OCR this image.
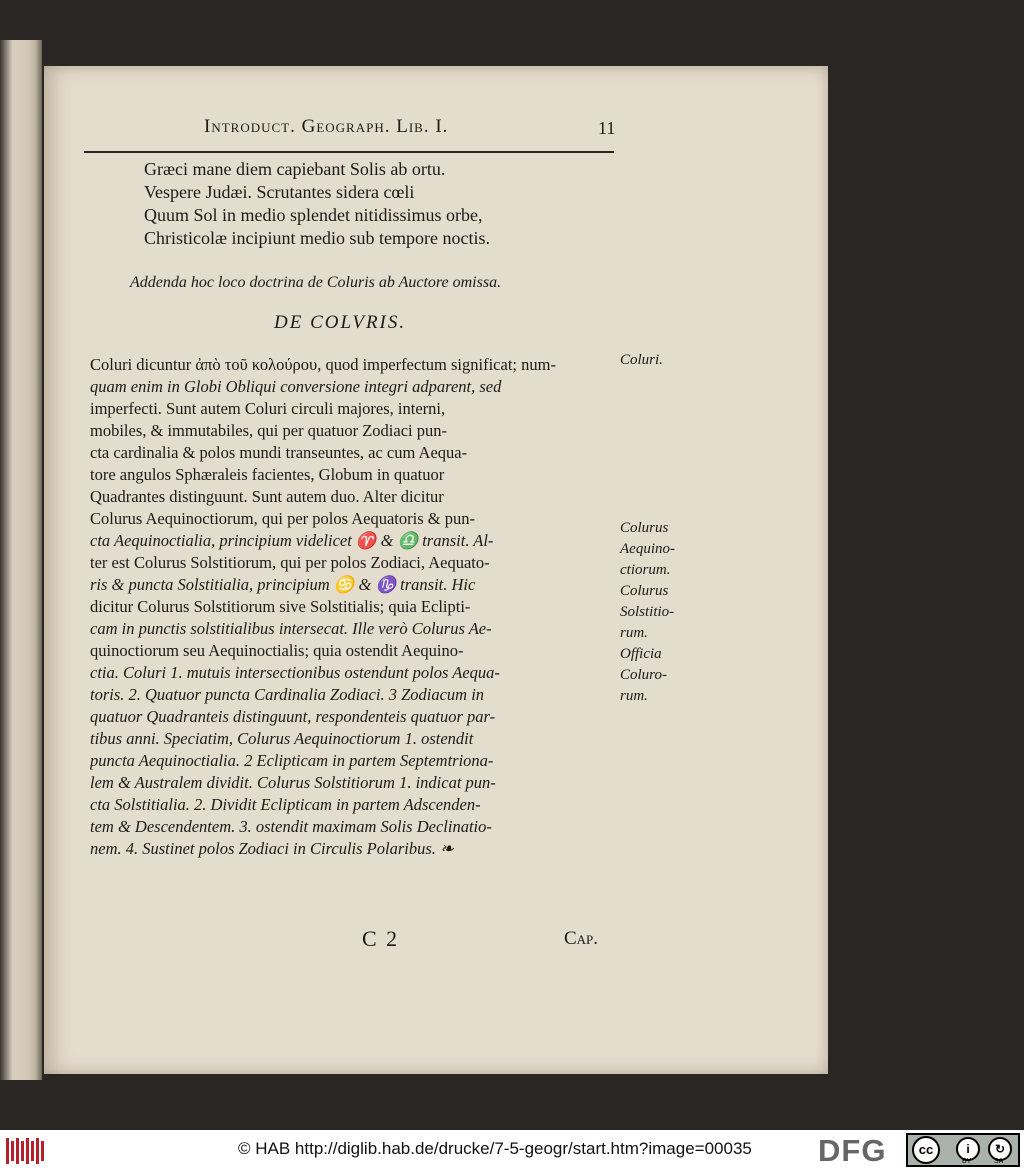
Introduct. Geograph. Lib. I.	11
Græci mane diem capiebant Solis ab ortu.
Vespere Judæi. Scrutantes sidera cœli
Quum Sol in medio splendet nitidissimus orbe,
Christicolæ incipiunt medio sub tempore noctis.
Addenda hoc loco doctrina de Coluris ab Auctore omissa.
DE COLVRIS.
Coluri dicuntur ἀπὸ τοῦ κολούρου, quod imperfectum significat; num-
quam enim in Globi Obliqui conversione integri adparent, sed
imperfecti. Sunt autem Coluri circuli majores, interni,
mobiles, & immutabiles, qui per quatuor Zodiaci pun-
cta cardinalia & polos mundi transeuntes, ac cum Aequa-
tore angulos Sphæraleis facientes, Globum in quatuor
Quadrantes distinguunt. Sunt autem duo. Alter dicitur
Colurus Aequinoctiorum, qui per polos Aequatoris & pun-
cta Aequinoctialia, principium videlicet ♈ & ♎ transit. Al-
ter est Colurus Solstitiorum, qui per polos Zodiaci, Aequato-
ris & puncta Solstitialia, principium ♋ & ♑ transit. Hic
dicitur Colurus Solstitiorum sive Solstitialis; quia Eclipti-
cam in punctis solstitialibus intersecat. Ille verò Colurus Ae-
quinoctiorum seu Aequinoctialis; quia ostendit Aequino-
ctia. Coluri 1. mutuis intersectionibus ostendunt polos Aequa-
toris. 2. Quatuor puncta Cardinalia Zodiaci. 3 Zodiacum in
quatuor Quadranteis distinguunt, respondenteis quatuor par-
tibus anni. Speciatim, Colurus Aequinoctiorum 1. ostendit
puncta Aequinoctialia. 2 Eclipticam in partem Septemtriona-
lem & Australem dividit. Colurus Solstitiorum 1. indicat pun-
cta Solstitialia. 2. Dividit Eclipticam in partem Adscenden-
tem & Descendentem. 3. ostendit maximam Solis Declinatio-
nem. 4. Sustinet polos Zodiaci in Circulis Polaribus. ❧
Coluri.
Colurus
Aequino-
ctiorum.
Colurus
Solstitio-
rum.
Officia
Coluro-
rum.
C 2	Cap.
© HAB http://diglib.hab.de/drucke/7-5-geogr/start.htm?image=00035 DFG	cc	i	↻
BY	SA
